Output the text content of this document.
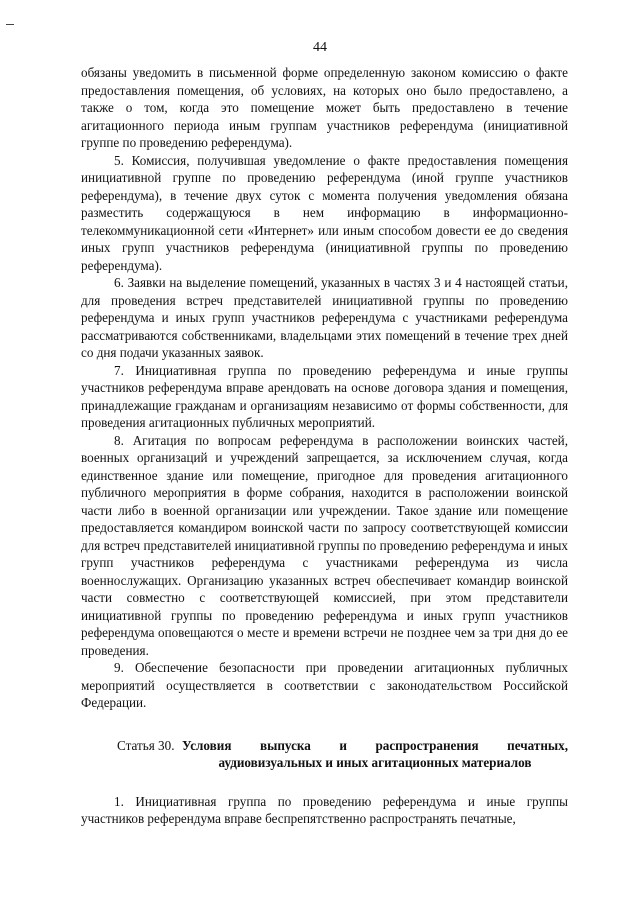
44

обязаны уведомить в письменной форме определенную законом комиссию о факте предоставления помещения, об условиях, на которых оно было предоставлено, а также о том, когда это помещение может быть предоставлено в течение агитационного периода иным группам участников референдума (инициативной группе по проведению референдума).

5. Комиссия, получившая уведомление о факте предоставления помещения инициативной группе по проведению референдума (иной группе участников референдума), в течение двух суток с момента получения уведомления обязана разместить содержащуюся в нем информацию в информационно-телекоммуникационной сети «Интернет» или иным способом довести ее до сведения иных групп участников референдума (инициативной группы по проведению референдума).

6. Заявки на выделение помещений, указанных в частях 3 и 4 настоящей статьи, для проведения встреч представителей инициативной группы по проведению референдума и иных групп участников референдума с участниками референдума рассматриваются собственниками, владельцами этих помещений в течение трех дней со дня подачи указанных заявок.

7. Инициативная группа по проведению референдума и иные группы участников референдума вправе арендовать на основе договора здания и помещения, принадлежащие гражданам и организациям независимо от формы собственности, для проведения агитационных публичных мероприятий.

8. Агитация по вопросам референдума в расположении воинских частей, военных организаций и учреждений запрещается, за исключением случая, когда единственное здание или помещение, пригодное для проведения агитационного публичного мероприятия в форме собрания, находится в расположении воинской части либо в военной организации или учреждении. Такое здание или помещение предоставляется командиром воинской части по запросу соответствующей комиссии для встреч представителей инициативной группы по проведению референдума и иных групп участников референдума с участниками референдума из числа военнослужащих. Организацию указанных встреч обеспечивает командир воинской части совместно с соответствующей комиссией, при этом представители инициативной группы по проведению референдума и иных групп участников референдума оповещаются о месте и времени встречи не позднее чем за три дня до ее проведения.

9. Обеспечение безопасности при проведении агитационных публичных мероприятий осуществляется в соответствии с законодательством Российской Федерации.

Статья 30. Условия выпуска и распространения печатных, аудиовизуальных и иных агитационных материалов

1. Инициативная группа по проведению референдума и иные группы участников референдума вправе беспрепятственно распространять печатные,
